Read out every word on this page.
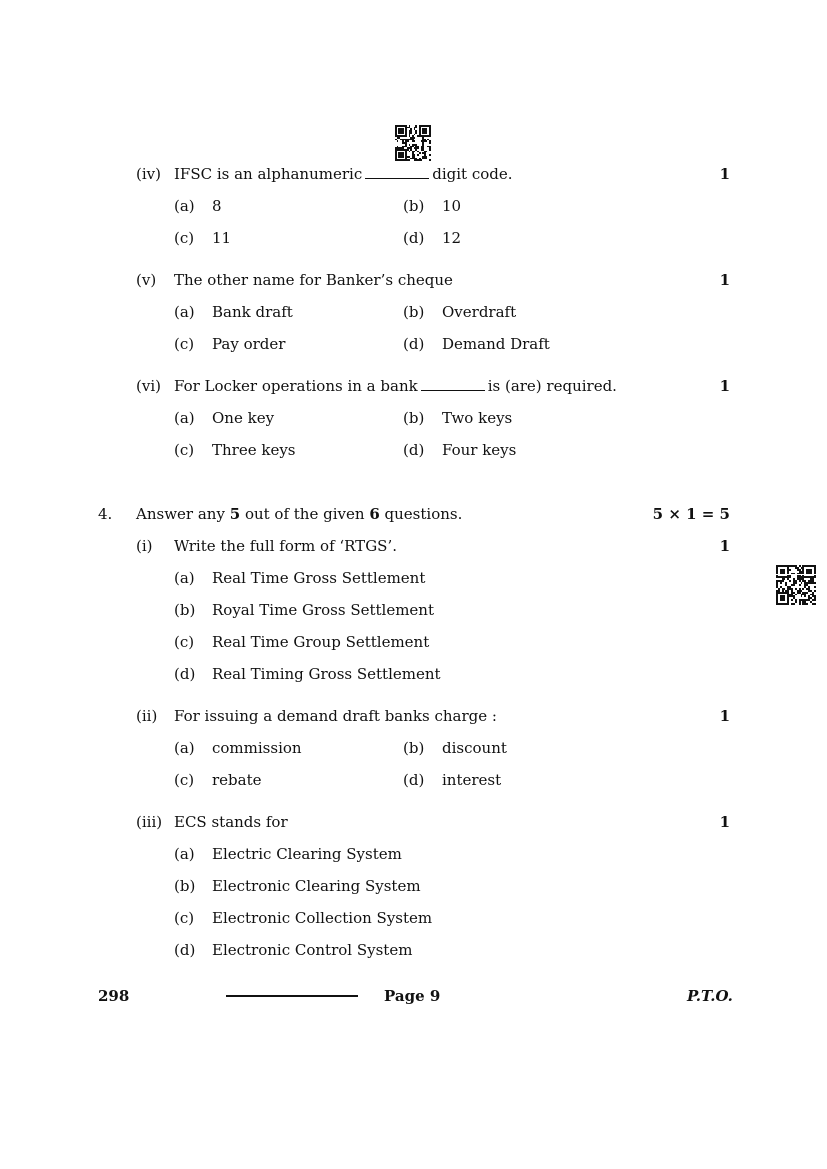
(iv) IFSC is an alphanumeric	digit code.	1
(a) 8	(b) 10
(c) 11	(d) 12
(v) The other name for Banker’s cheque	1
(a) Bank draft	(b) Overdraft
(c) Pay order	(d) Demand Draft
(vi) For Locker operations in a bank	is (are) required.	1
(a) One key	(b) Two keys
(c) Three keys	(d) Four keys
4. Answer any 5 out of the given 6 questions.	5 × 1 = 5
(i) Write the full form of ‘RTGS’.	1
(a) Real Time Gross Settlement
(b) Royal Time Gross Settlement
(c) Real Time Group Settlement
(d) Real Timing Gross Settlement
(ii) For issuing a demand draft banks charge :	1
(a) commission	(b) discount
(c) rebate	(d) interest
(iii) ECS stands for	1
(a) Electric Clearing System
(b) Electronic Clearing System
(c) Electronic Collection System
(d) Electronic Control System
298	Page 9	P.T.O.
